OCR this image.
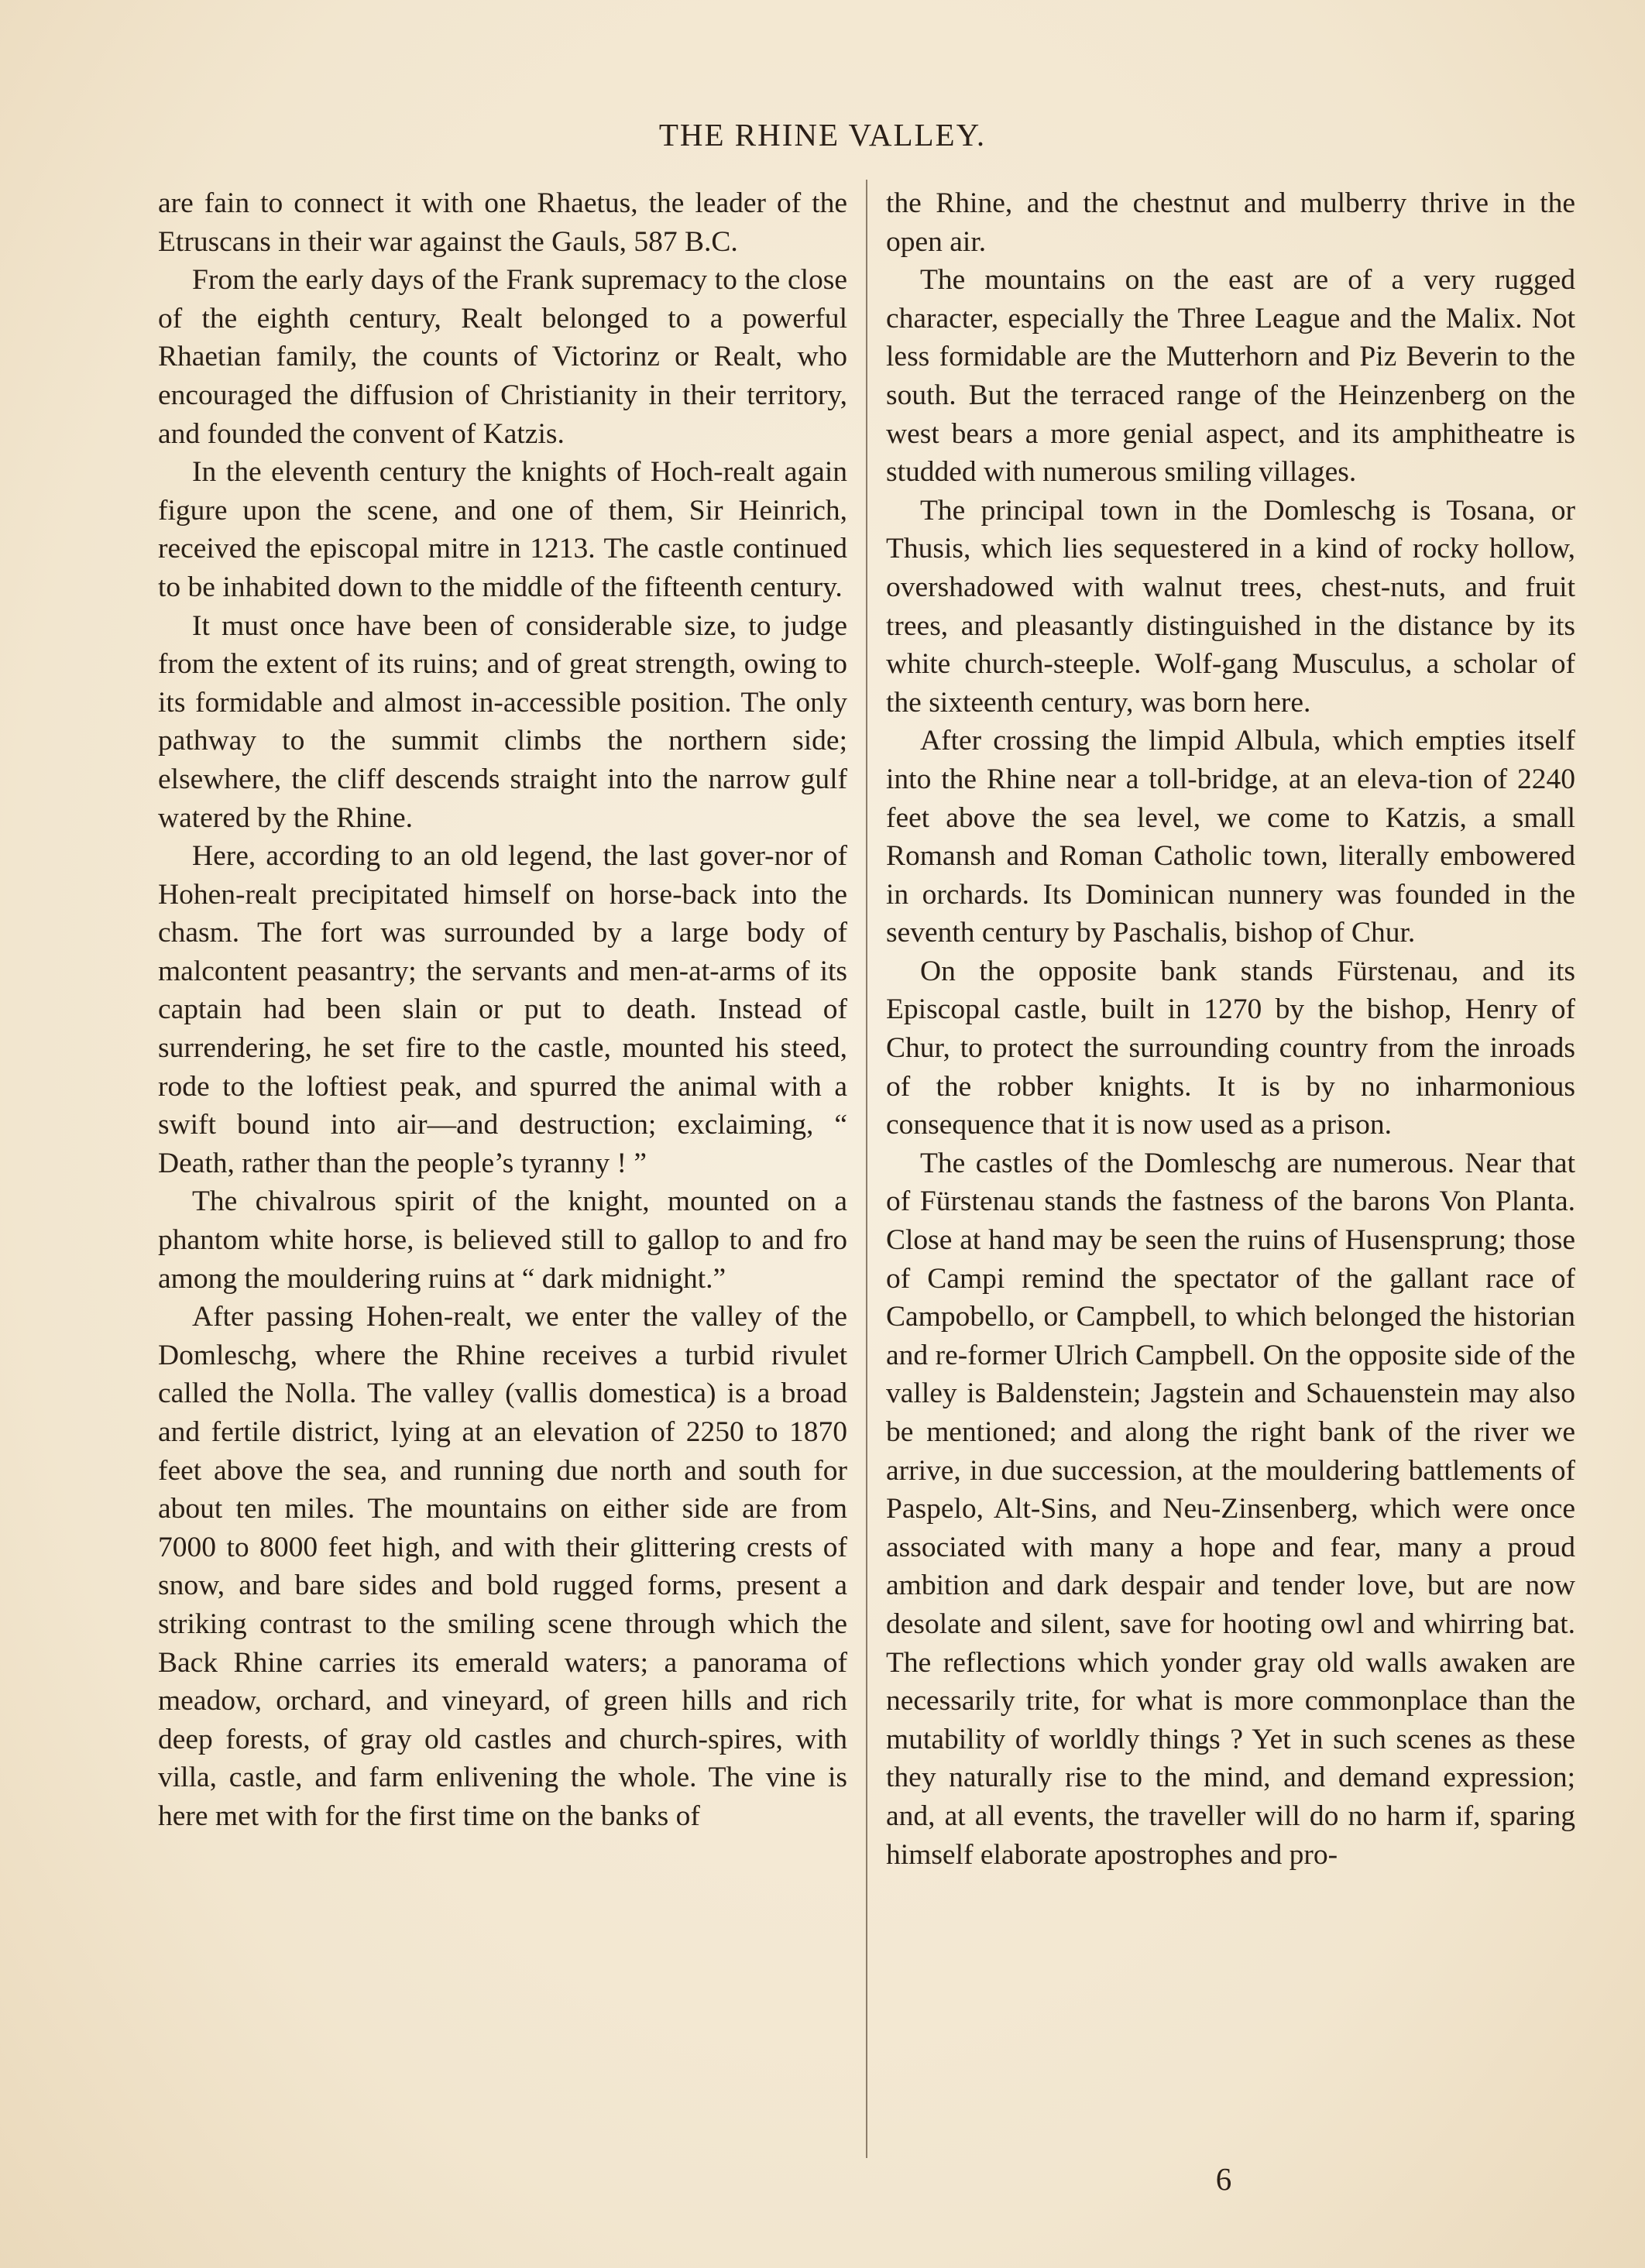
THE RHINE VALLEY.

are fain to connect it with one Rhaetus, the leader of the Etruscans in their war against the Gauls, 587 B.C.

From the early days of the Frank supremacy to the close of the eighth century, Realt belonged to a powerful Rhaetian family, the counts of Victorinz or Realt, who encouraged the diffusion of Christianity in their territory, and founded the convent of Katzis.

In the eleventh century the knights of Hoch-realt again figure upon the scene, and one of them, Sir Heinrich, received the episcopal mitre in 1213. The castle continued to be inhabited down to the middle of the fifteenth century.

It must once have been of considerable size, to judge from the extent of its ruins; and of great strength, owing to its formidable and almost in-accessible position. The only pathway to the summit climbs the northern side; elsewhere, the cliff descends straight into the narrow gulf watered by the Rhine.

Here, according to an old legend, the last gover-nor of Hohen-realt precipitated himself on horse-back into the chasm. The fort was surrounded by a large body of malcontent peasantry; the servants and men-at-arms of its captain had been slain or put to death. Instead of surrendering, he set fire to the castle, mounted his steed, rode to the loftiest peak, and spurred the animal with a swift bound into air—and destruction; exclaiming, “ Death, rather than the people’s tyranny ! ”

The chivalrous spirit of the knight, mounted on a phantom white horse, is believed still to gallop to and fro among the mouldering ruins at “ dark midnight.”

After passing Hohen-realt, we enter the valley of the Domleschg, where the Rhine receives a turbid rivulet called the Nolla. The valley (vallis domestica) is a broad and fertile district, lying at an elevation of 2250 to 1870 feet above the sea, and running due north and south for about ten miles. The mountains on either side are from 7000 to 8000 feet high, and with their glittering crests of snow, and bare sides and bold rugged forms, present a striking contrast to the smiling scene through which the Back Rhine carries its emerald waters; a panorama of meadow, orchard, and vineyard, of green hills and rich deep forests, of gray old castles and church-spires, with villa, castle, and farm enlivening the whole. The vine is here met with for the first time on the banks of

the Rhine, and the chestnut and mulberry thrive in the open air.

The mountains on the east are of a very rugged character, especially the Three League and the Malix. Not less formidable are the Mutterhorn and Piz Beverin to the south. But the terraced range of the Heinzenberg on the west bears a more genial aspect, and its amphitheatre is studded with numerous smiling villages.

The principal town in the Domleschg is Tosana, or Thusis, which lies sequestered in a kind of rocky hollow, overshadowed with walnut trees, chest-nuts, and fruit trees, and pleasantly distinguished in the distance by its white church-steeple. Wolf-gang Musculus, a scholar of the sixteenth century, was born here.

After crossing the limpid Albula, which empties itself into the Rhine near a toll-bridge, at an eleva-tion of 2240 feet above the sea level, we come to Katzis, a small Romansh and Roman Catholic town, literally embowered in orchards. Its Dominican nunnery was founded in the seventh century by Paschalis, bishop of Chur.

On the opposite bank stands Fürstenau, and its Episcopal castle, built in 1270 by the bishop, Henry of Chur, to protect the surrounding country from the inroads of the robber knights. It is by no inharmonious consequence that it is now used as a prison.

The castles of the Domleschg are numerous. Near that of Fürstenau stands the fastness of the barons Von Planta. Close at hand may be seen the ruins of Husensprung; those of Campi remind the spectator of the gallant race of Campobello, or Campbell, to which belonged the historian and re-former Ulrich Campbell. On the opposite side of the valley is Baldenstein; Jagstein and Schauenstein may also be mentioned; and along the right bank of the river we arrive, in due succession, at the mouldering battlements of Paspelo, Alt-Sins, and Neu-Zinsenberg, which were once associated with many a hope and fear, many a proud ambition and dark despair and tender love, but are now desolate and silent, save for hooting owl and whirring bat. The reflections which yonder gray old walls awaken are necessarily trite, for what is more commonplace than the mutability of worldly things ? Yet in such scenes as these they naturally rise to the mind, and demand expression; and, at all events, the traveller will do no harm if, sparing himself elaborate apostrophes and pro-

6
